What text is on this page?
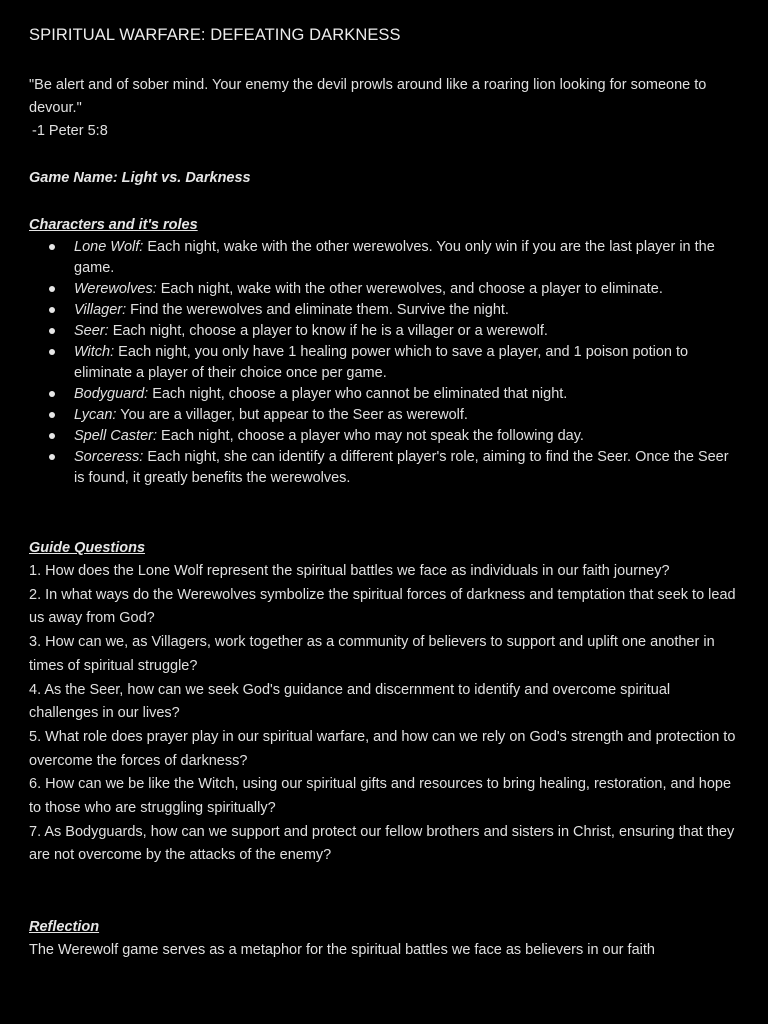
SPIRITUAL WARFARE: DEFEATING DARKNESS
"Be alert and of sober mind. Your enemy the devil prowls around like a roaring lion looking for someone to devour."
-1 Peter 5:8
Game Name: Light vs. Darkness
Characters and it's roles
Lone Wolf: Each night, wake with the other werewolves. You only win if you are the last player in the game.
Werewolves: Each night, wake with the other werewolves, and choose a player to eliminate.
Villager: Find the werewolves and eliminate them. Survive the night.
Seer: Each night, choose a player to know if he is a villager or a werewolf.
Witch: Each night, you only have 1 healing power which to save a player, and 1 poison potion to eliminate a player of their choice once per game.
Bodyguard: Each night, choose a player who cannot be eliminated that night.
Lycan: You are a villager, but appear to the Seer as werewolf.
Spell Caster: Each night, choose a player who may not speak the following day.
Sorceress: Each night, she can identify a different player's role, aiming to find the Seer. Once the Seer is found, it greatly benefits the werewolves.
Guide Questions

1. How does the Lone Wolf represent the spiritual battles we face as individuals in our faith journey?

2. In what ways do the Werewolves symbolize the spiritual forces of darkness and temptation that seek to lead us away from God?

3. How can we, as Villagers, work together as a community of believers to support and uplift one another in times of spiritual struggle?

4. As the Seer, how can we seek God's guidance and discernment to identify and overcome spiritual challenges in our lives?

5. What role does prayer play in our spiritual warfare, and how can we rely on God's strength and protection to overcome the forces of darkness?

6. How can we be like the Witch, using our spiritual gifts and resources to bring healing, restoration, and hope to those who are struggling spiritually?

7. As Bodyguards, how can we support and protect our fellow brothers and sisters in Christ, ensuring that they are not overcome by the attacks of the enemy?

Reflection

The Werewolf game serves as a metaphor for the spiritual battles we face as believers in our faith
